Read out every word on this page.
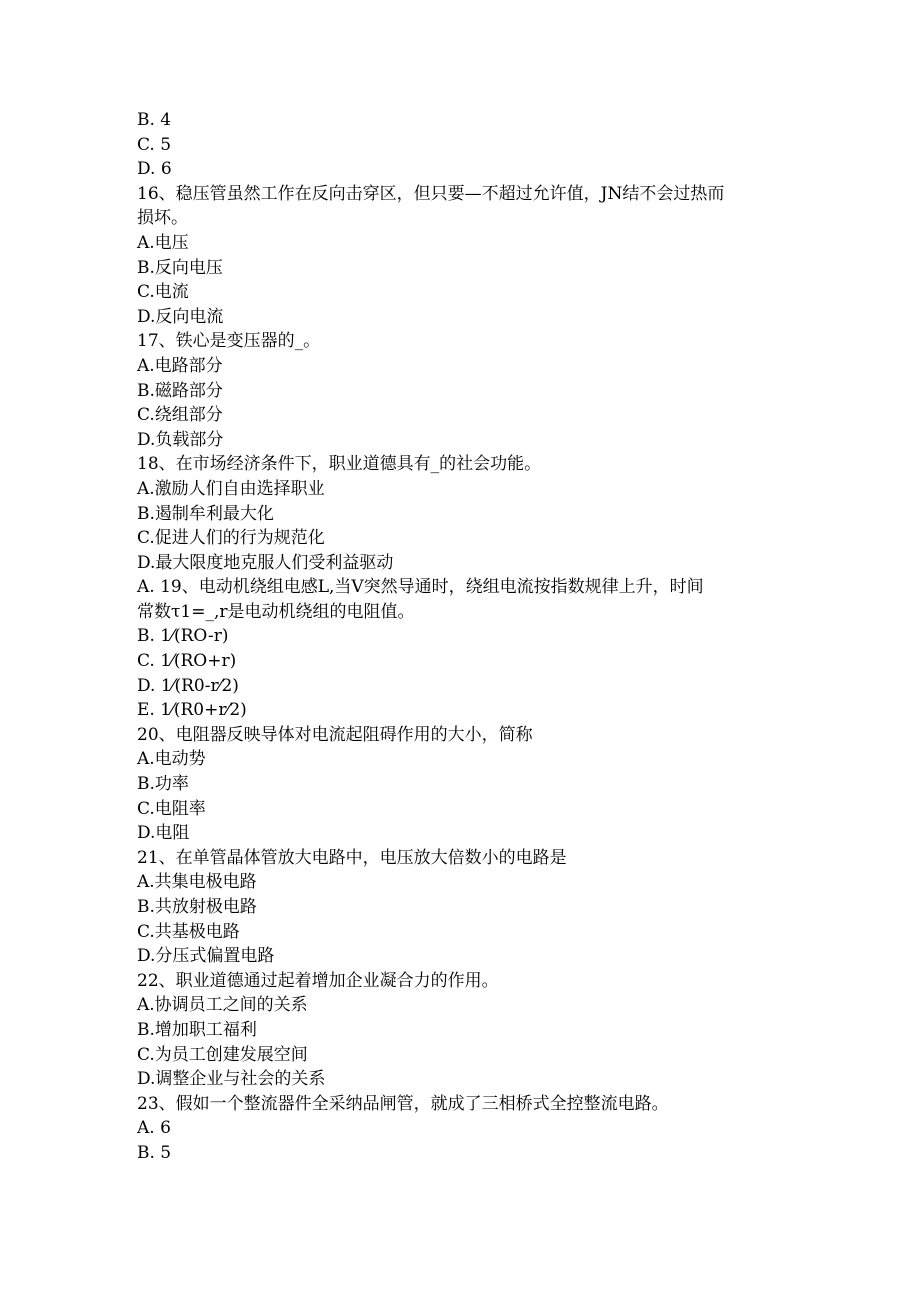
B. 4
C. 5
D. 6
16、稳压管虽然工作在反向击穿区，但只要—不超过允许值，JN结不会过热而
损坏。
A.电压
B.反向电压
C.电流
D.反向电流
17、铁心是变压器的_。
A.电路部分
B.磁路部分
C.绕组部分
D.负载部分
18、在市场经济条件下，职业道德具有_的社会功能。
A.激励人们自由选择职业
B.遏制牟利最大化
C.促进人们的行为规范化
D.最大限度地克服人们受利益驱动
A. 19、电动机绕组电感L,当V突然导通时，绕组电流按指数规律上升，时间
常数τ1=_,r是电动机绕组的电阻值。
B. 1⁄(RO-r)
C. 1⁄(RO+r)
D. 1⁄(R0-r⁄2)
E. 1⁄(R0+r⁄2)
20、电阻器反映导体对电流起阻碍作用的大小，简称
A.电动势
B.功率
C.电阻率
D.电阻
21、在单管晶体管放大电路中，电压放大倍数小的电路是
A.共集电极电路
B.共放射极电路
C.共基极电路
D.分压式偏置电路
22、职业道德通过起着增加企业凝合力的作用。
A.协调员工之间的关系
B.增加职工福利
C.为员工创建发展空间
D.调整企业与社会的关系
23、假如一个整流器件全采纳品闸管，就成了三相桥式全控整流电路。
A. 6
B. 5
